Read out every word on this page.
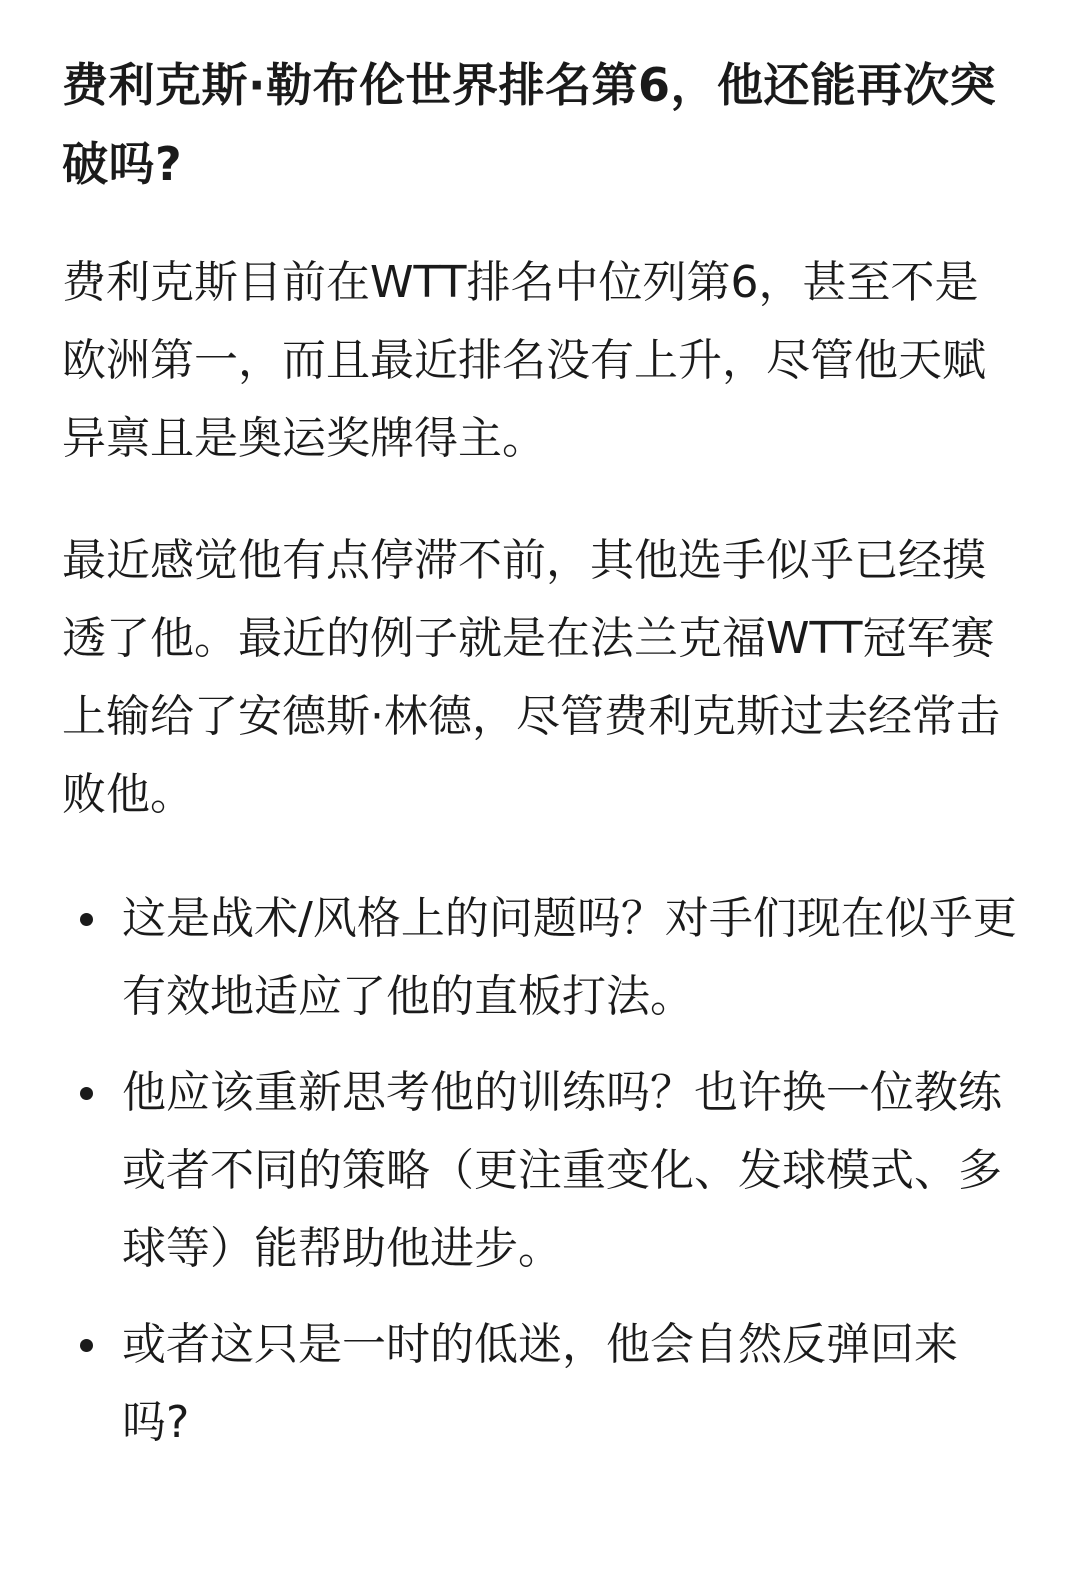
费利克斯·勒布伦世界排名第6，他还能再次突破吗?

费利克斯目前在WTT排名中位列第6，甚至不是欧洲第一，而且最近排名没有上升，尽管他天赋异禀且是奥运奖牌得主。

最近感觉他有点停滞不前，其他选手似乎已经摸透了他。最近的例子就是在法兰克福WTT冠军赛上输给了安德斯·林德，尽管费利克斯过去经常击败他。

这是战术/风格上的问题吗？对手们现在似乎更有效地适应了他的直板打法。
他应该重新思考他的训练吗？也许换一位教练或者不同的策略（更注重变化、发球模式、多球等）能帮助他进步。
或者这只是一时的低迷，他会自然反弹回来吗?
